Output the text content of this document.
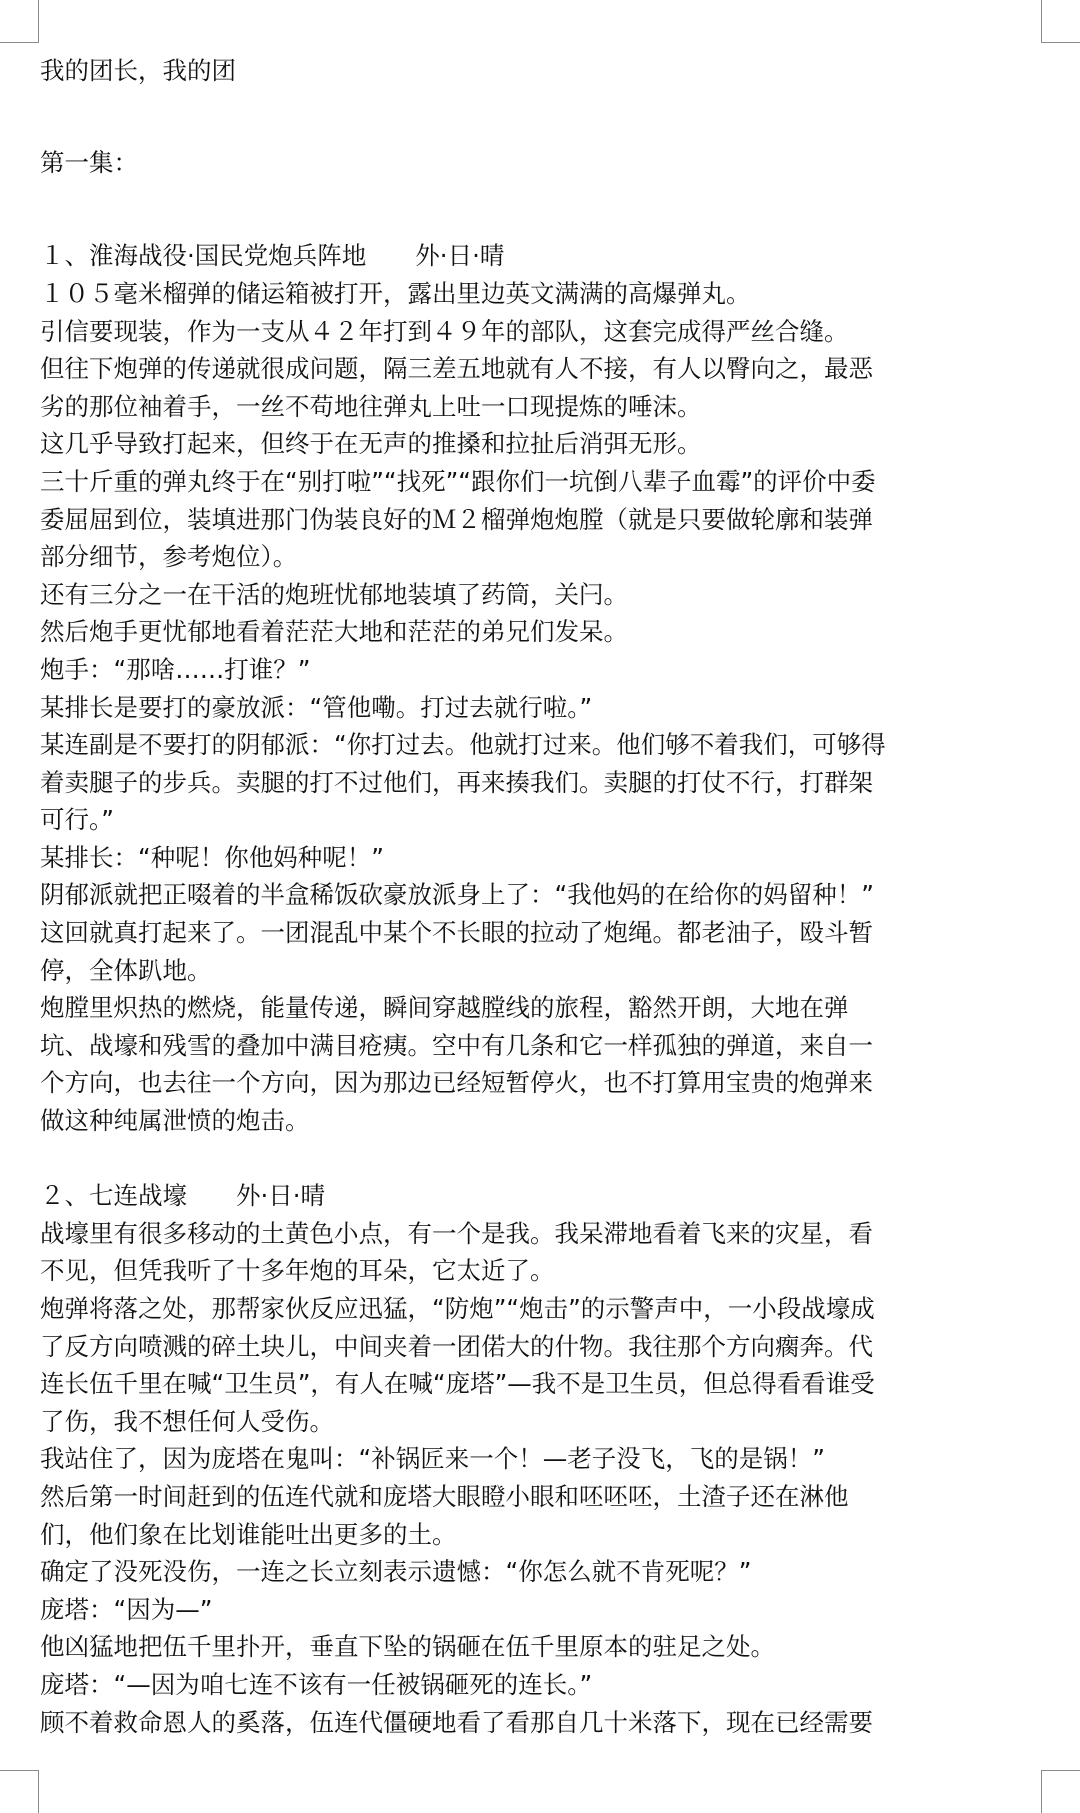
我的团长，我的团
第一集：
１、淮海战役·国民党炮兵阵地　　外·日·晴
１０５毫米榴弹的储运箱被打开，露出里边英文满满的高爆弹丸。
引信要现装，作为一支从４２年打到４９年的部队，这套完成得严丝合缝。
但往下炮弹的传递就很成问题，隔三差五地就有人不接，有人以臀向之，最恶
劣的那位袖着手，一丝不苟地往弹丸上吐一口现提炼的唾沫。
这几乎导致打起来，但终于在无声的推搡和拉扯后消弭无形。
三十斤重的弹丸终于在“别打啦”“找死”“跟你们一坑倒八辈子血霉”的评价中委
委屈屈到位，装填进那门伪装良好的Ｍ２榴弹炮炮膛（就是只要做轮廓和装弹
部分细节，参考炮位）。
还有三分之一在干活的炮班忧郁地装填了药筒，关闩。
然后炮手更忧郁地看着茫茫大地和茫茫的弟兄们发呆。
炮手：“那啥……打谁？”
某排长是要打的豪放派：“管他嘞。打过去就行啦。”
某连副是不要打的阴郁派：“你打过去。他就打过来。他们够不着我们，可够得
着卖腿子的步兵。卖腿的打不过他们，再来揍我们。卖腿的打仗不行，打群架
可行。”
某排长：“种呢！你他妈种呢！”
阴郁派就把正啜着的半盒稀饭砍豪放派身上了：“我他妈的在给你的妈留种！”
这回就真打起来了。一团混乱中某个不长眼的拉动了炮绳。都老油子，殴斗暂
停，全体趴地。
炮膛里炽热的燃烧，能量传递，瞬间穿越膛线的旅程，豁然开朗，大地在弹
坑、战壕和残雪的叠加中满目疮痍。空中有几条和它一样孤独的弹道，来自一
个方向，也去往一个方向，因为那边已经短暂停火，也不打算用宝贵的炮弹来
做这种纯属泄愤的炮击。
２、七连战壕　　外·日·晴
战壕里有很多移动的土黄色小点，有一个是我。我呆滞地看着飞来的灾星，看
不见，但凭我听了十多年炮的耳朵，它太近了。
炮弹将落之处，那帮家伙反应迅猛，“防炮”“炮击”的示警声中，一小段战壕成
了反方向喷溅的碎土块儿，中间夹着一团偌大的什物。我往那个方向瘸奔。代
连长伍千里在喊“卫生员”，有人在喊“庞塔”—我不是卫生员，但总得看看谁受
了伤，我不想任何人受伤。
我站住了，因为庞塔在鬼叫：“补锅匠来一个！—老子没飞，飞的是锅！”
然后第一时间赶到的伍连代就和庞塔大眼瞪小眼和呸呸呸，土渣子还在淋他
们，他们象在比划谁能吐出更多的土。
确定了没死没伤，一连之长立刻表示遗憾：“你怎么就不肯死呢？”
庞塔：“因为—”
他凶猛地把伍千里扑开，垂直下坠的锅砸在伍千里原本的驻足之处。
庞塔：“—因为咱七连不该有一任被锅砸死的连长。”
顾不着救命恩人的奚落，伍连代僵硬地看了看那自几十米落下，现在已经需要
